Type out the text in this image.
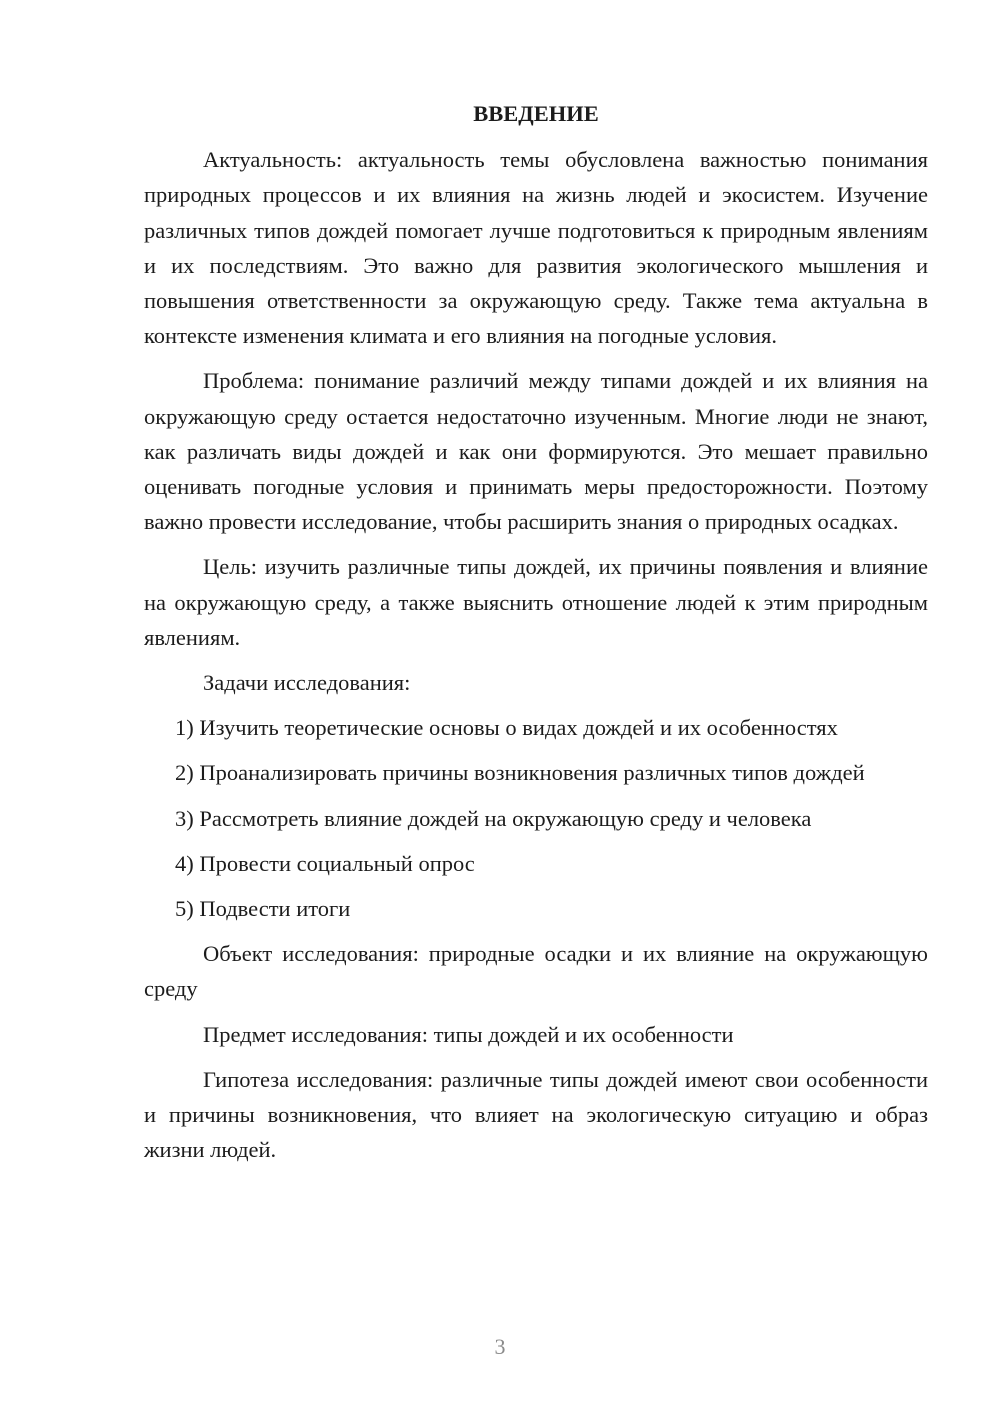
ВВЕДЕНИЕ

Актуальность: актуальность темы обусловлена важностью понимания природных процессов и их влияния на жизнь людей и экосистем. Изучение различных типов дождей помогает лучше подготовиться к природным явлениям и их последствиям. Это важно для развития экологического мышления и повышения ответственности за окружающую среду. Также тема актуальна в контексте изменения климата и его влияния на погодные условия.

Проблема: понимание различий между типами дождей и их влияния на окружающую среду остается недостаточно изученным. Многие люди не знают, как различать виды дождей и как они формируются. Это мешает правильно оценивать погодные условия и принимать меры предосторожности. Поэтому важно провести исследование, чтобы расширить знания о природных осадках.

Цель: изучить различные типы дождей, их причины появления и влияние на окружающую среду, а также выяснить отношение людей к этим природным явлениям.

Задачи исследования:

1) Изучить теоретические основы о видах дождей и их особенностях

2) Проанализировать причины возникновения различных типов дождей

3) Рассмотреть влияние дождей на окружающую среду и человека

4) Провести социальный опрос

5) Подвести итоги

Объект исследования: природные осадки и их влияние на окружающую среду

Предмет исследования: типы дождей и их особенности

Гипотеза исследования: различные типы дождей имеют свои особенности и причины возникновения, что влияет на экологическую ситуацию и образ жизни людей.

3
